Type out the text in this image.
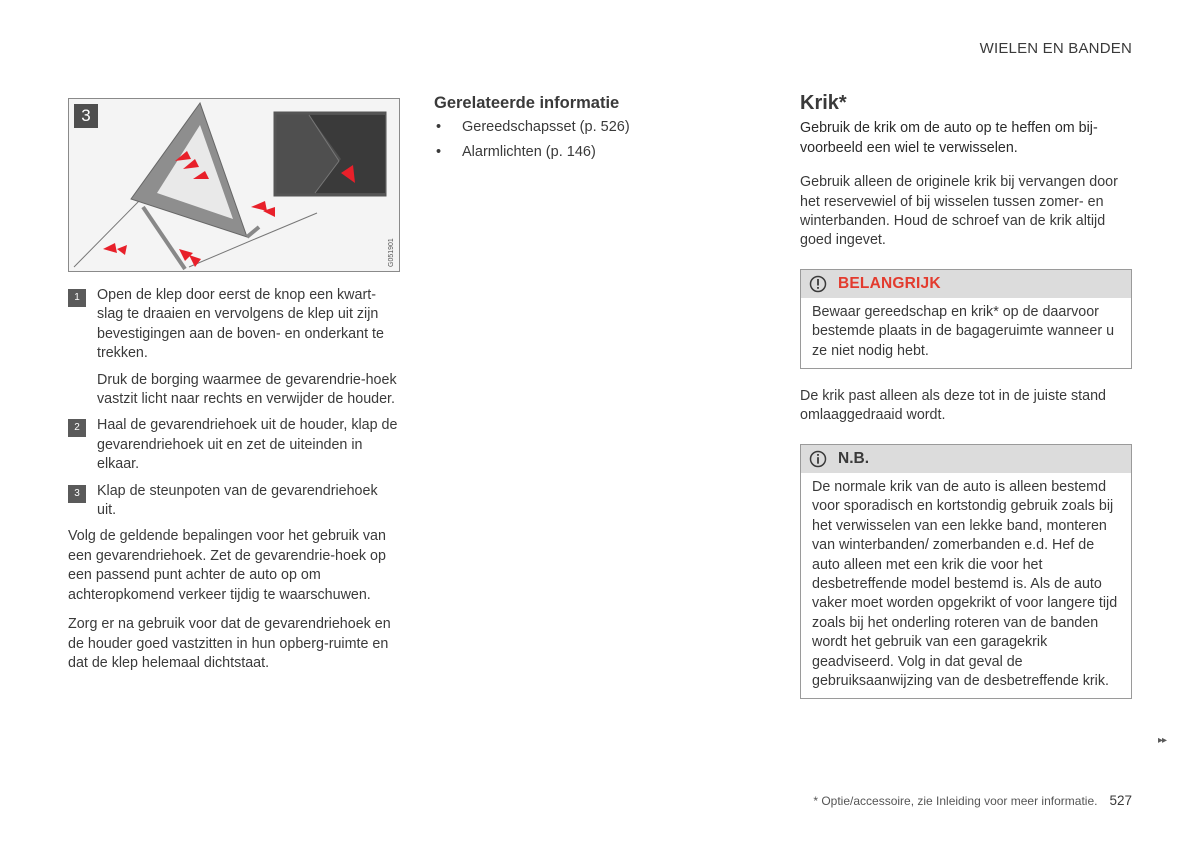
WIELEN EN BANDEN
G051901
3
1	Open de klep door eerst de knop een kwart-slag te draaien en vervolgens de klep uit zijn bevestigingen aan de boven- en onderkant te trekken.

Druk de borging waarmee de gevarendrie-hoek vastzit licht naar rechts en verwijder de houder.

2	Haal de gevarendriehoek uit de houder, klap de gevarendriehoek uit en zet de uiteinden in elkaar.

3	Klap de steunpoten van de gevarendriehoek uit.

Volg de geldende bepalingen voor het gebruik van een gevarendriehoek. Zet de gevarendrie-hoek op een passend punt achter de auto op om achteropkomend verkeer tijdig te waarschuwen.

Zorg er na gebruik voor dat de gevarendriehoek en de houder goed vastzitten in hun opberg-ruimte en dat de klep helemaal dichtstaat.

Gerelateerde informatie
• Gereedschapsset (p. 526)
• Alarmlichten (p. 146)
Krik*

Gebruik de krik om de auto op te heffen om bij-voorbeeld een wiel te verwisselen.

Gebruik alleen de originele krik bij vervangen door het reservewiel of bij wisselen tussen zomer- en winterbanden. Houd de schroef van de krik altijd goed ingevet.

BELANGRIJK
Bewaar gereedschap en krik* op de daarvoor bestemde plaats in de bagageruimte wanneer u ze niet nodig hebt.

De krik past alleen als deze tot in de juiste stand omlaaggedraaid wordt.

N.B.
De normale krik van de auto is alleen bestemd voor sporadisch en kortstondig gebruik zoals bij het verwisselen van een lekke band, monteren van winterbanden/ zomerbanden e.d. Hef de auto alleen met een krik die voor het desbetreffende model bestemd is. Als de auto vaker moet worden opgekrikt of voor langere tijd zoals bij het onderling roteren van de banden wordt het gebruik van een garagekrik geadviseerd. Volg in dat geval de gebruiksaanwijzing van de desbetreffende krik.
▸▸
* Optie/accessoire, zie Inleiding voor meer informatie. 527
